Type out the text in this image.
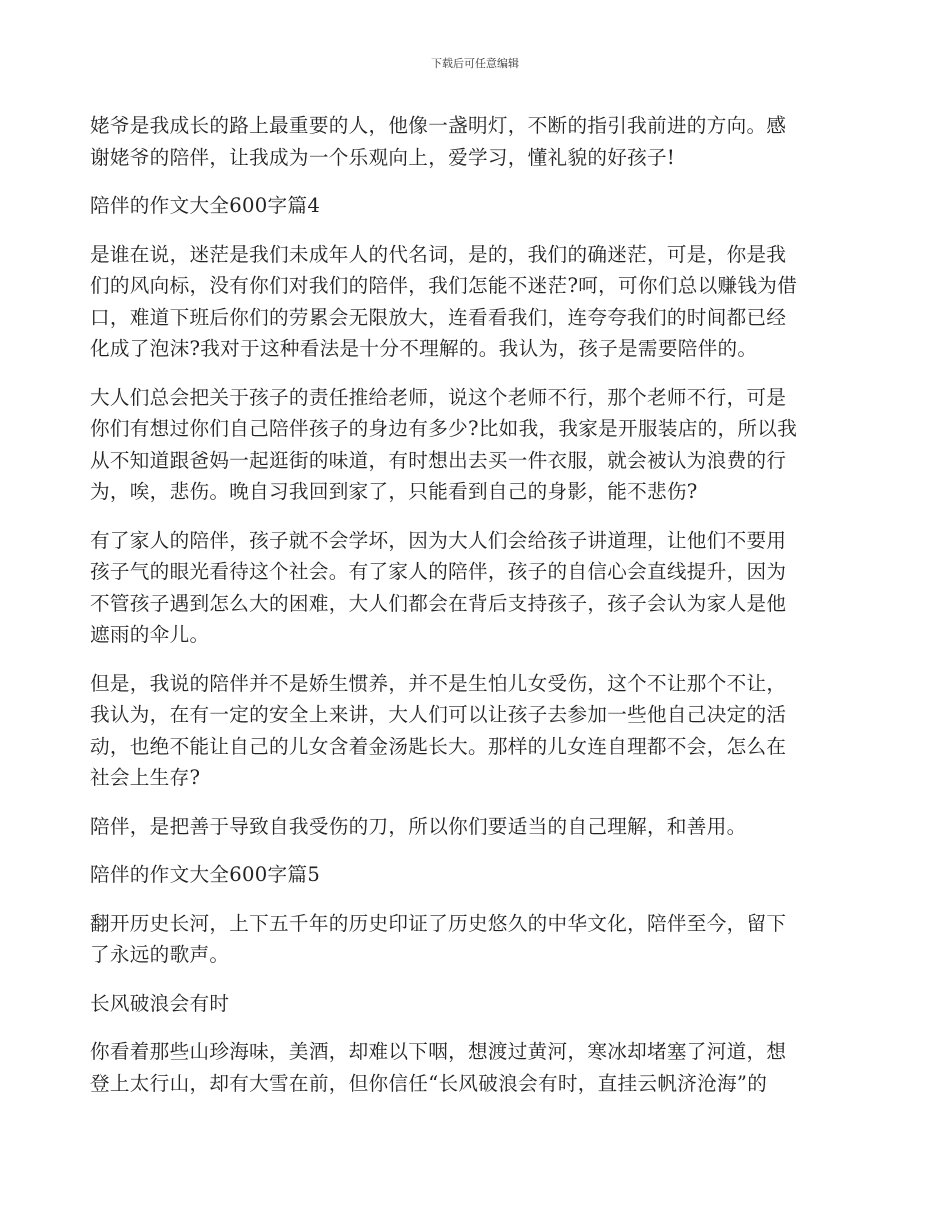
下载后可任意编辑

姥爷是我成长的路上最重要的人，他像一盏明灯，不断的指引我前进的方向。感
谢姥爷的陪伴，让我成为一个乐观向上，爱学习，懂礼貌的好孩子!

陪伴的作文大全600字篇4

是谁在说，迷茫是我们未成年人的代名词，是的，我们的确迷茫，可是，你是我
们的风向标，没有你们对我们的陪伴，我们怎能不迷茫?呵，可你们总以赚钱为借
口，难道下班后你们的劳累会无限放大，连看看我们，连夸夸我们的时间都已经
化成了泡沫?我对于这种看法是十分不理解的。我认为，孩子是需要陪伴的。

大人们总会把关于孩子的责任推给老师，说这个老师不行，那个老师不行，可是
你们有想过你们自己陪伴孩子的身边有多少?比如我，我家是开服装店的，所以我
从不知道跟爸妈一起逛街的味道，有时想出去买一件衣服，就会被认为浪费的行
为，唉，悲伤。晚自习我回到家了，只能看到自己的身影，能不悲伤?

有了家人的陪伴，孩子就不会学坏，因为大人们会给孩子讲道理，让他们不要用
孩子气的眼光看待这个社会。有了家人的陪伴，孩子的自信心会直线提升，因为
不管孩子遇到怎么大的困难，大人们都会在背后支持孩子，孩子会认为家人是他
遮雨的伞儿。

但是，我说的陪伴并不是娇生惯养，并不是生怕儿女受伤，这个不让那个不让，
我认为，在有一定的安全上来讲，大人们可以让孩子去参加一些他自己决定的活
动，也绝不能让自己的儿女含着金汤匙长大。那样的儿女连自理都不会，怎么在
社会上生存?

陪伴，是把善于导致自我受伤的刀，所以你们要适当的自己理解，和善用。

陪伴的作文大全600字篇5

翻开历史长河，上下五千年的历史印证了历史悠久的中华文化，陪伴至今，留下
了永远的歌声。

长风破浪会有时

你看着那些山珍海味，美酒，却难以下咽，想渡过黄河，寒冰却堵塞了河道，想
登上太行山，却有大雪在前，但你信任“长风破浪会有时，直挂云帆济沧海”的
